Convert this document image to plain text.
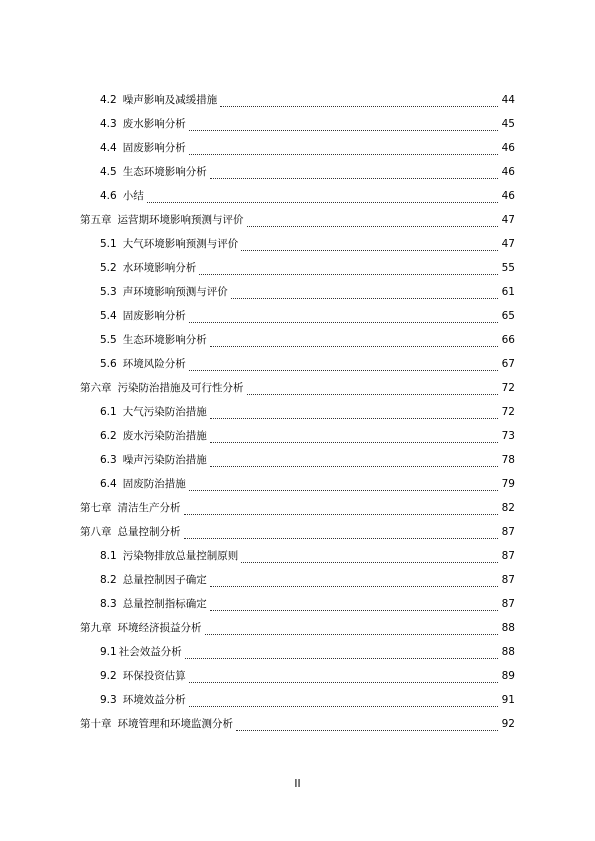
4.2 噪声影响及减缓措施	44
4.3 废水影响分析	45
4.4 固废影响分析	46
4.5 生态环境影响分析	46
4.6 小结	46
第五章 运营期环境影响预测与评价	47
5.1 大气环境影响预测与评价	47
5.2 水环境影响分析	55
5.3 声环境影响预测与评价	61
5.4 固废影响分析	65
5.5 生态环境影响分析	66
5.6 环境风险分析	67
第六章 污染防治措施及可行性分析	72
6.1 大气污染防治措施	72
6.2 废水污染防治措施	73
6.3 噪声污染防治措施	78
6.4 固废防治措施	79
第七章 清洁生产分析	82
第八章 总量控制分析	87
8.1 污染物排放总量控制原则	87
8.2 总量控制因子确定	87
8.3 总量控制指标确定	87
第九章 环境经济损益分析	88
9.1 社会效益分析	88
9.2 环保投资估算	89
9.3 环境效益分析	91
第十章 环境管理和环境监测分析	92
II
